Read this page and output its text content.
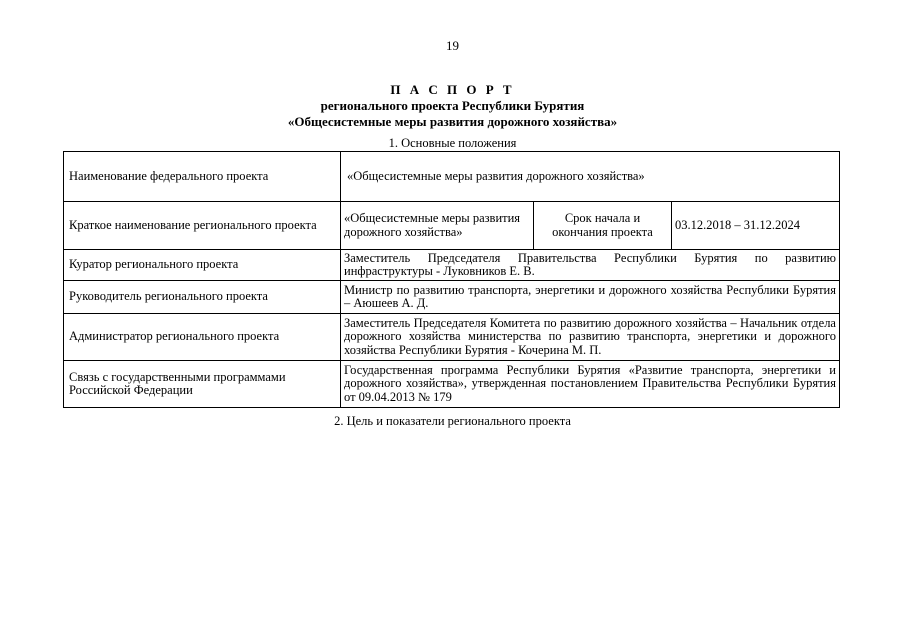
19
П А С П О Р Т
регионального проекта Республики Бурятия
«Общесистемные меры развития дорожного хозяйства»
1. Основные положения
Наименование федерального проекта	«Общесистемные меры развития дорожного хозяйства»		
Краткое наименование регионального проекта	«Общесистемные меры развития дорожного хозяйства»	Срок начала и окончания проекта	03.12.2018 – 31.12.2024
Куратор регионального проекта	Заместитель Председателя Правительства Республики Бурятия по развитию инфраструктуры - Луковников Е. В.		
Руководитель регионального проекта	Министр по развитию транспорта, энергетики и дорожного хозяйства Республики Бурятия – Аюшеев А. Д.		
Администратор регионального проекта	Заместитель Председателя Комитета по развитию дорожного хозяйства – Начальник отдела дорожного хозяйства министерства по развитию транспорта, энергетики и дорожного хозяйства Республики Бурятия - Кочерина М. П.		
Связь с государственными программами Российской Федерации	Государственная программа Республики Бурятия «Развитие транспорта, энергетики и дорожного хозяйства», утвержденная постановлением Правительства Республики Бурятия от 09.04.2013 № 179		
2. Цель и показатели регионального проекта
